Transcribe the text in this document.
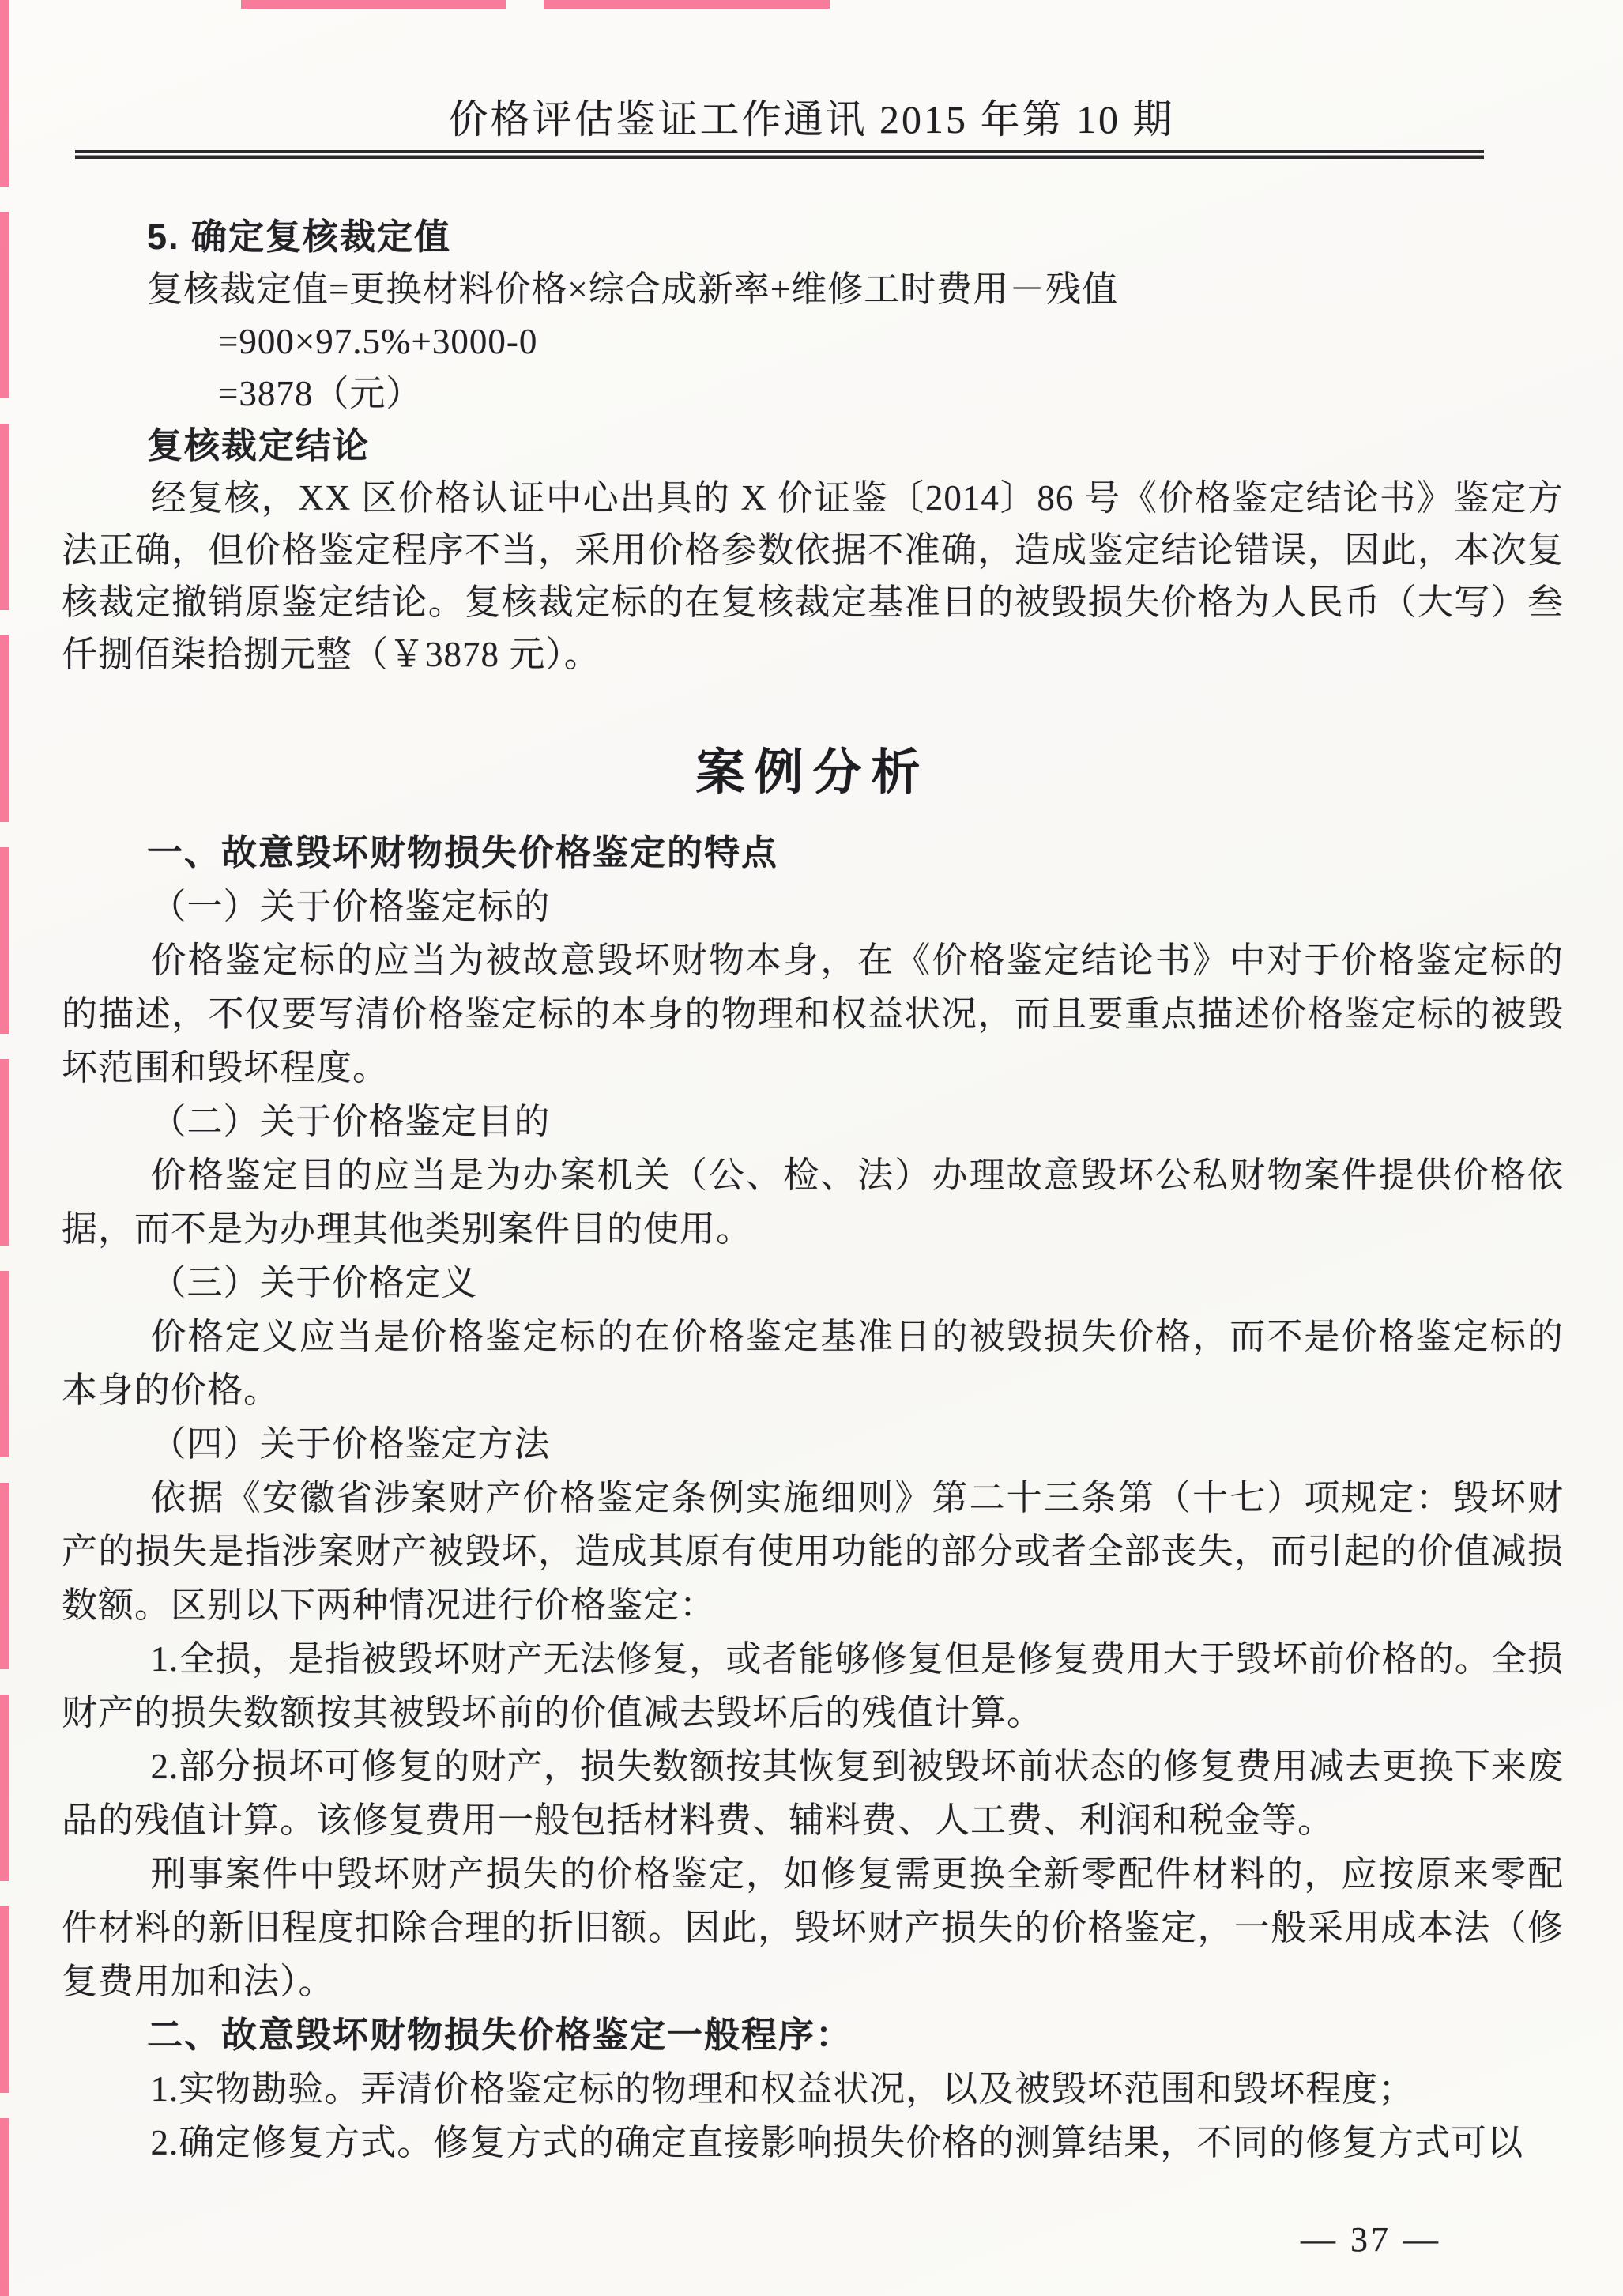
价格评估鉴证工作通讯 2015 年第 10 期

5. 确定复核裁定值

复核裁定值=更换材料价格×综合成新率+维修工时费用－残值

=900×97.5%+3000-0

=3878（元）

复核裁定结论

经复核，XX 区价格认证中心出具的 X 价证鉴〔2014〕86 号《价格鉴定结论书》鉴定方法正确，但价格鉴定程序不当，采用价格参数依据不准确，造成鉴定结论错误，因此，本次复核裁定撤销原鉴定结论。复核裁定标的在复核裁定基准日的被毁损失价格为人民币（大写）叁仟捌佰柒拾捌元整（￥3878 元）。

案例分析

一、故意毁坏财物损失价格鉴定的特点

（一）关于价格鉴定标的

价格鉴定标的应当为被故意毁坏财物本身，在《价格鉴定结论书》中对于价格鉴定标的的描述，不仅要写清价格鉴定标的本身的物理和权益状况，而且要重点描述价格鉴定标的被毁坏范围和毁坏程度。

（二）关于价格鉴定目的

价格鉴定目的应当是为办案机关（公、检、法）办理故意毁坏公私财物案件提供价格依据，而不是为办理其他类别案件目的使用。

（三）关于价格定义

价格定义应当是价格鉴定标的在价格鉴定基准日的被毁损失价格，而不是价格鉴定标的本身的价格。

（四）关于价格鉴定方法

依据《安徽省涉案财产价格鉴定条例实施细则》第二十三条第（十七）项规定：毁坏财产的损失是指涉案财产被毁坏，造成其原有使用功能的部分或者全部丧失，而引起的价值减损数额。区别以下两种情况进行价格鉴定：

1.全损，是指被毁坏财产无法修复，或者能够修复但是修复费用大于毁坏前价格的。全损财产的损失数额按其被毁坏前的价值减去毁坏后的残值计算。

2.部分损坏可修复的财产，损失数额按其恢复到被毁坏前状态的修复费用减去更换下来废品的残值计算。该修复费用一般包括材料费、辅料费、人工费、利润和税金等。

刑事案件中毁坏财产损失的价格鉴定，如修复需更换全新零配件材料的，应按原来零配件材料的新旧程度扣除合理的折旧额。因此，毁坏财产损失的价格鉴定，一般采用成本法（修复费用加和法）。

二、故意毁坏财物损失价格鉴定一般程序：

1.实物勘验。弄清价格鉴定标的物理和权益状况，以及被毁坏范围和毁坏程度；

2.确定修复方式。修复方式的确定直接影响损失价格的测算结果，不同的修复方式可以

— 37 —
